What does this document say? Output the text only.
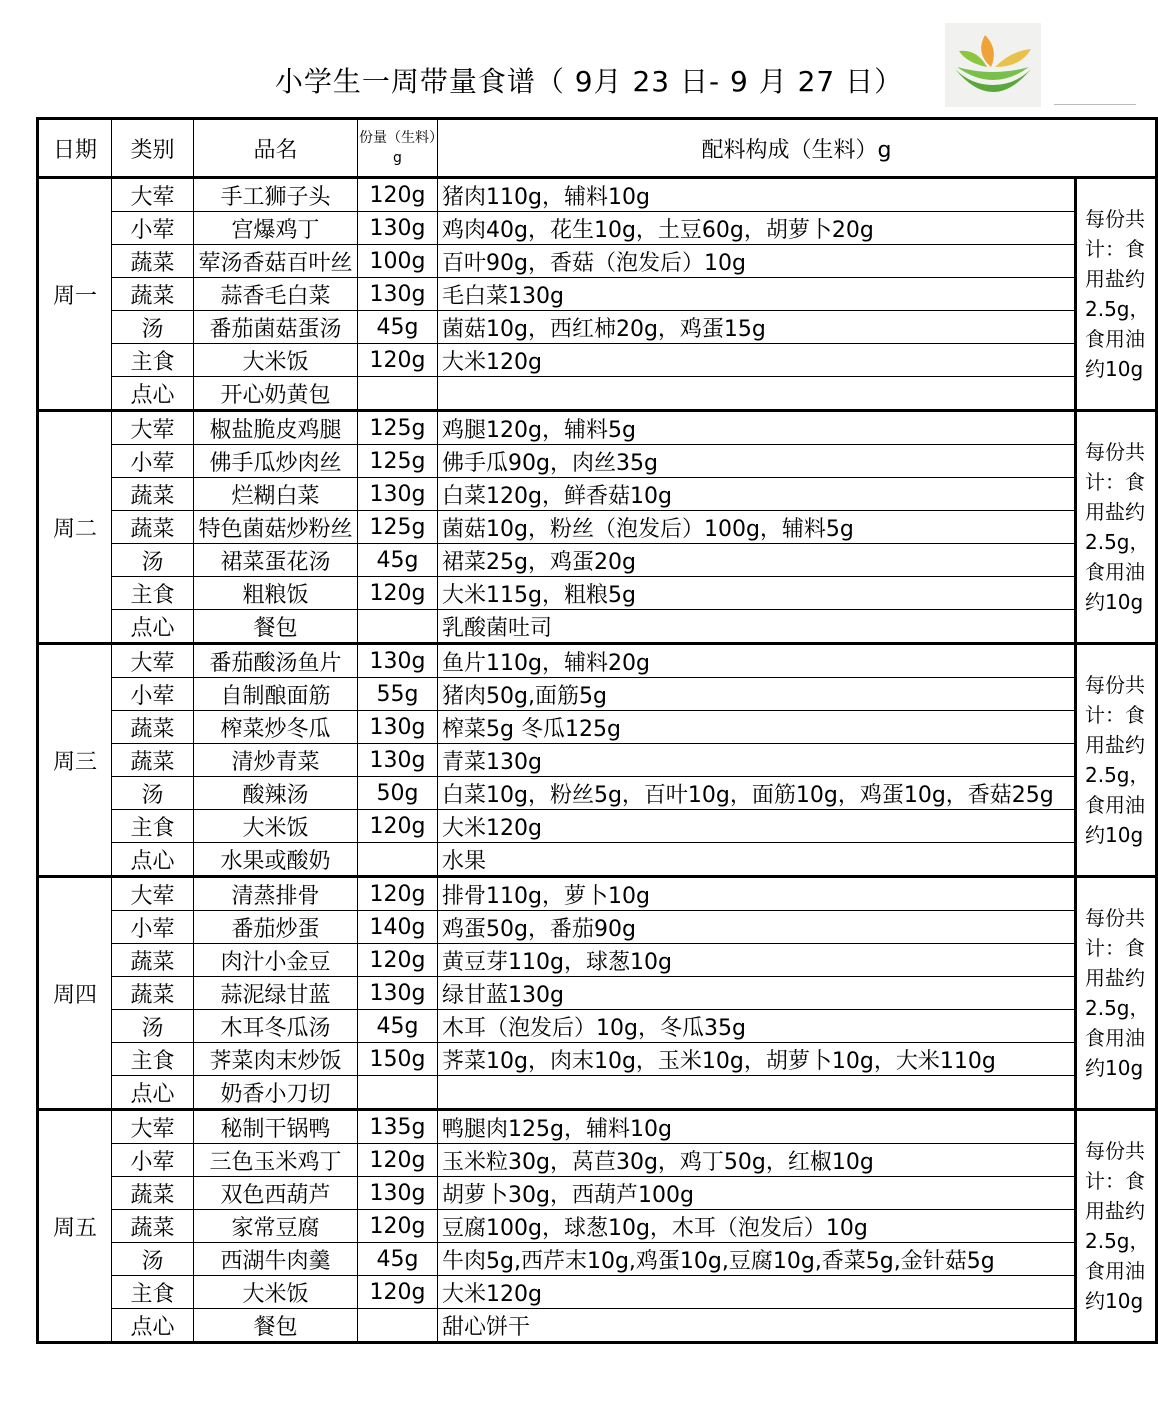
小学生一周带量食谱（ 9月 23 日- 9 月 27 日）
日期	类别	品名	份量（生料）g	配料构成（生料）g	
周一	大荤	手工狮子头	120g	猪肉110g，辅料10g	每份共计：食用盐约2.5g，食用油约10g
	小荤	宫爆鸡丁	130g	鸡肉40g，花生10g，土豆60g，胡萝卜20g	
	蔬菜	荤汤香菇百叶丝	100g	百叶90g，香菇（泡发后）10g	
	蔬菜	蒜香毛白菜	130g	毛白菜130g	
	汤	番茄菌菇蛋汤	45g	菌菇10g，西红柿20g，鸡蛋15g	
	主食	大米饭	120g	大米120g	
	点心	开心奶黄包			
周二	大荤	椒盐脆皮鸡腿	125g	鸡腿120g，辅料5g	每份共计：食用盐约2.5g，食用油约10g
	小荤	佛手瓜炒肉丝	125g	佛手瓜90g，肉丝35g	
	蔬菜	烂糊白菜	130g	白菜120g，鲜香菇10g	
	蔬菜	特色菌菇炒粉丝	125g	菌菇10g，粉丝（泡发后）100g，辅料5g	
	汤	裙菜蛋花汤	45g	裙菜25g，鸡蛋20g	
	主食	粗粮饭	120g	大米115g，粗粮5g	
	点心	餐包		乳酸菌吐司	
周三	大荤	番茄酸汤鱼片	130g	鱼片110g，辅料20g	每份共计：食用盐约2.5g，食用油约10g
	小荤	自制酿面筋	55g	猪肉50g,面筋5g	
	蔬菜	榨菜炒冬瓜	130g	榨菜5g 冬瓜125g	
	蔬菜	清炒青菜	130g	青菜130g	
	汤	酸辣汤	50g	白菜10g，粉丝5g，百叶10g，面筋10g，鸡蛋10g，香菇25g	
	主食	大米饭	120g	大米120g	
	点心	水果或酸奶		水果	
周四	大荤	清蒸排骨	120g	排骨110g，萝卜10g	每份共计：食用盐约2.5g，食用油约10g
	小荤	番茄炒蛋	140g	鸡蛋50g，番茄90g	
	蔬菜	肉汁小金豆	120g	黄豆芽110g，球葱10g	
	蔬菜	蒜泥绿甘蓝	130g	绿甘蓝130g	
	汤	木耳冬瓜汤	45g	木耳（泡发后）10g，冬瓜35g	
	主食	荠菜肉末炒饭	150g	荠菜10g，肉末10g，玉米10g，胡萝卜10g，大米110g	
	点心	奶香小刀切			
周五	大荤	秘制干锅鸭	135g	鸭腿肉125g，辅料10g	每份共计：食用盐约2.5g，食用油约10g
	小荤	三色玉米鸡丁	120g	玉米粒30g，莴苣30g，鸡丁50g，红椒10g	
	蔬菜	双色西葫芦	130g	胡萝卜30g，西葫芦100g	
	蔬菜	家常豆腐	120g	豆腐100g，球葱10g，木耳（泡发后）10g	
	汤	西湖牛肉羹	45g	牛肉5g,西芹末10g,鸡蛋10g,豆腐10g,香菜5g,金针菇5g	
	主食	大米饭	120g	大米120g	
	点心	餐包		甜心饼干	
